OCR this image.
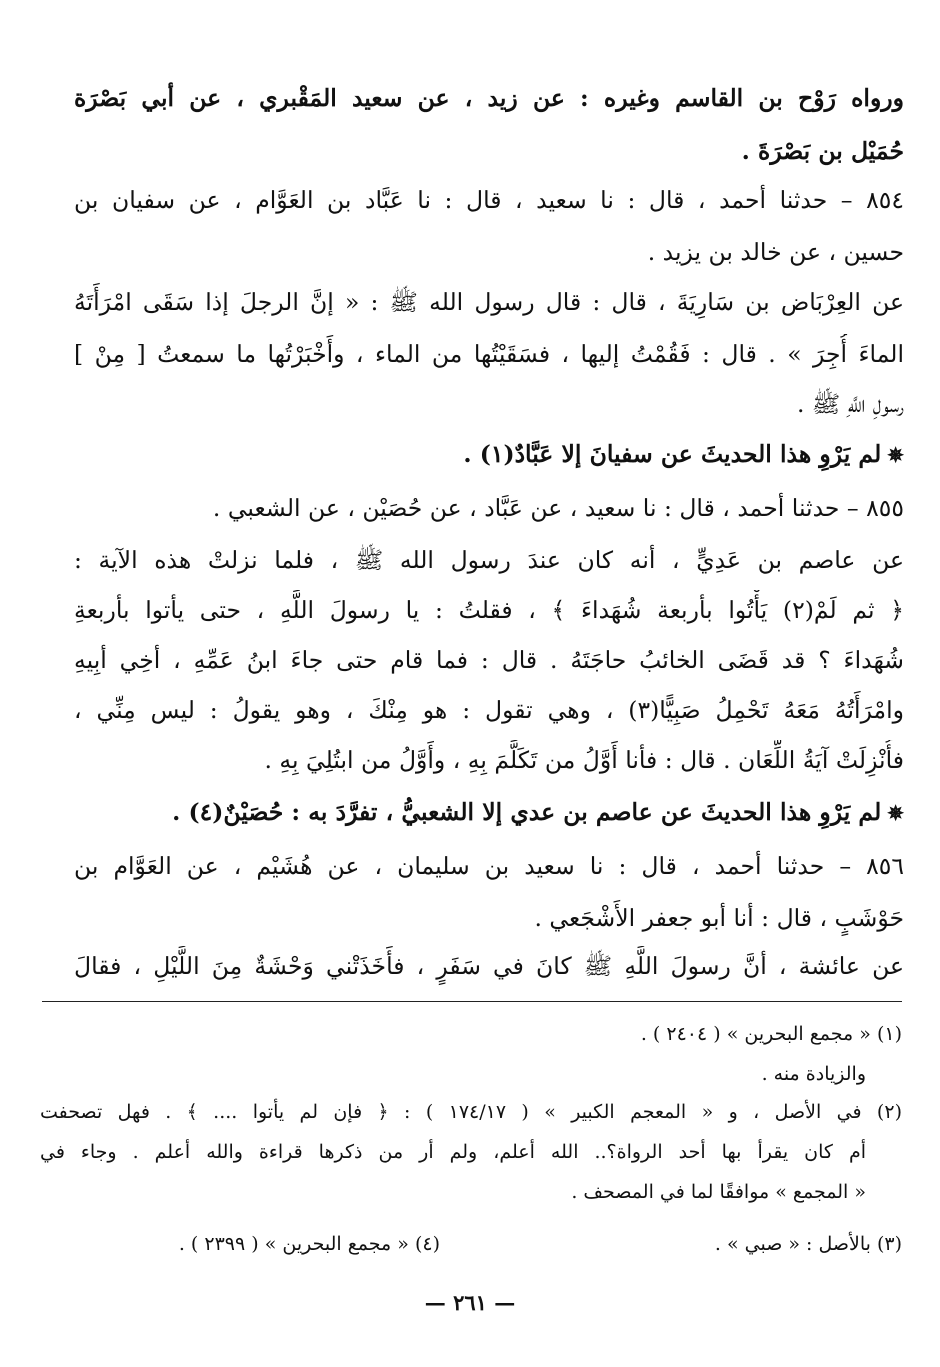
ورواه رَوْح بن القاسم وغيره : عن زيد ، عن سعيد المَقْبري ، عن أبي بَصْرَة
حُمَيْل بن بَصْرَةَ .
٨٥٤ – حدثنا أحمد ، قال : نا سعيد ، قال : نا عَبَّاد بن العَوَّام ، عن سفيان بن
حسين ، عن خالد بن يزيد .
عن العِرْبَاض بن سَارِيَةَ ، قال : قال رسول الله ﷺ : « إنَّ الرجلَ إذا سَقَى امْرَأَتَهُ
الماءَ أُجِرَ » . قال : فَقُمْتُ إليها ، فسَقَيْتُها من الماء ، وأَخْبَرْتُها ما سمعتُ [ مِنْ ]
رسولِ اللَّهِ ﷺ .
✵لم يَرْوِ هذا الحديثَ عن سفيانَ إلا عَبَّادٌ(١) .
٨٥٥ – حدثنا أحمد ، قال : نا سعيد ، عن عَبَّاد ، عن حُصَيْن ، عن الشعبي .
عن عاصم بن عَدِيٍّ ، أنه كان عندَ رسول الله ﷺ ، فلما نزلتْ هذه الآية :
﴿ ثم لَمْ(٢) يَأْتُوا بأربعة شُهَداءَ ﴾ ، فقلتُ : يا رسولَ اللَّهِ ، حتى يأتوا بأربعةِ
شُهَداءَ ؟ قد قَضَى الخائبُ حاجَتَهُ . قال : فما قام حتى جاءَ ابنُ عَمِّهِ ، أخِي أبِيهِ
وامْرَأَتُهُ مَعَهُ تَحْمِلُ صَبِيًّا(٣) ، وهي تقول : هو مِنْكَ ، وهو يقولُ : ليس مِنِّي ،
فأُنْزِلَتْ آيَةُ اللِّعَان . قال : فأنا أَوَّلُ من تَكَلَّمَ بِهِ ، وأَوَّلُ من ابتُلِيَ بِهِ .
✵لم يَرْوِ هذا الحديثَ عن عاصم بن عدي إلا الشعبيُّ ، تفرَّدَ به : حُصَيْنٌ(٤) .
٨٥٦ – حدثنا أحمد ، قال : نا سعيد بن سليمان ، عن هُشَيْم ، عن العَوَّام بن
حَوْشَبٍ ، قال : أنا أبو جعفر الأَشْجَعي .
عن عائشة ، أنَّ رسولَ اللَّهِ ﷺ كانَ في سَفَرٍ ، فأَخَذَتْني وَحْشَةٌ مِنَ اللَّيْلِ ، فقالَ
(١) « مجمع البحرين » ( ٢٤٠٤ ) .
والزيادة منه .
(٢) في الأصل ، و « المعجم الكبير » ( ١٧٤/١٧ ) : ﴿ فإن لم يأتوا .... ﴾ . فهل تصحفت
أم كان يقرأ بها أحد الرواة؟.. الله أعلم، ولم أر من ذكرها قراءة والله أعلم . وجاء في
« المجمع » موافقًا لما في المصحف .
(٣) بالأصل : « صبي » .
(٤) « مجمع البحرين » ( ٢٣٩٩ ) .
— ٢٦١ —
